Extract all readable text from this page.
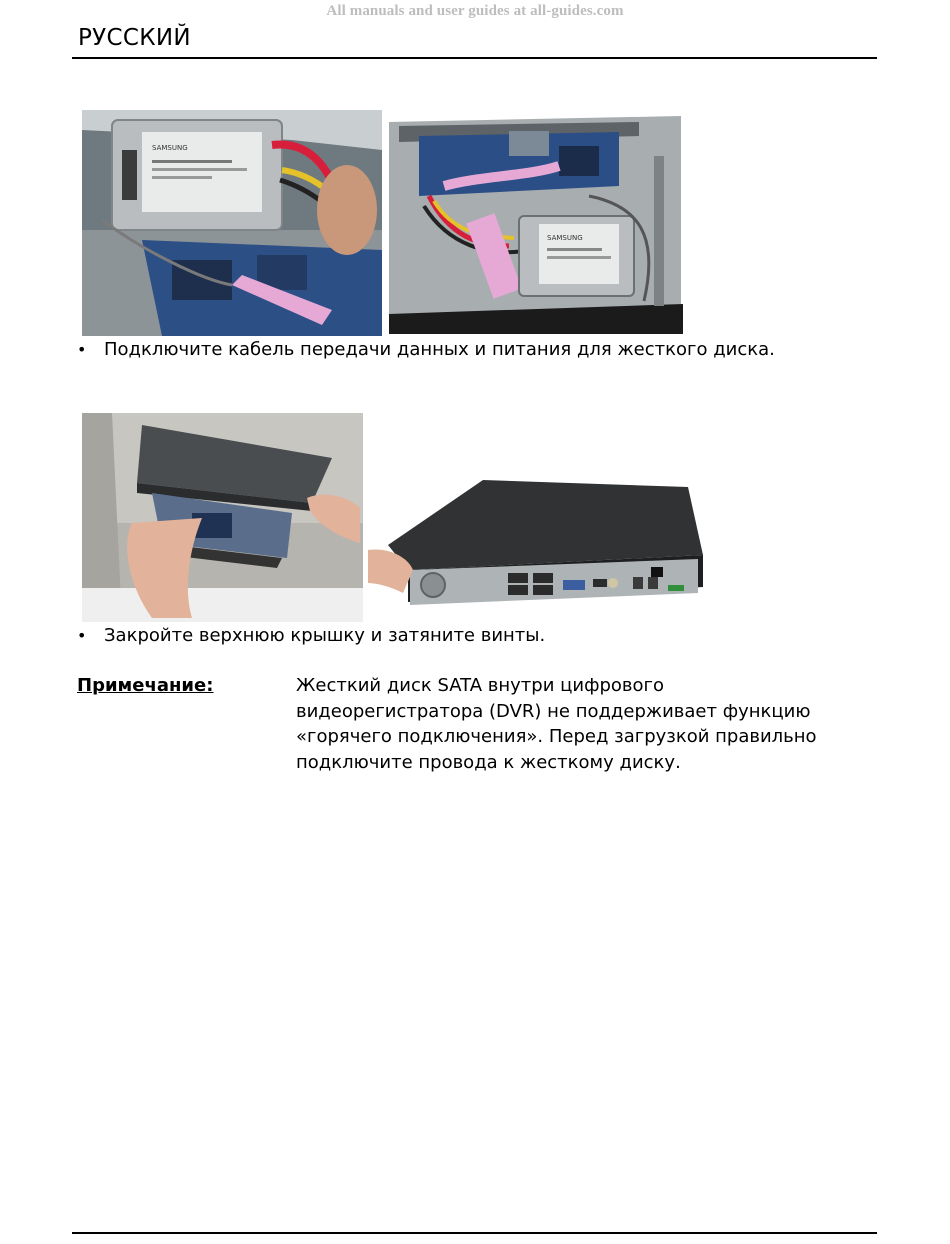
All manuals and user guides at all-guides.com
РУССКИЙ
SAMSUNG
SAMSUNG
• Подключите кабель передачи данных и питания для жесткого диска.
• Закройте верхнюю крышку и затяните винты.
Примечание:	Жесткий диск SATA внутри цифрового
видеорегистратора (DVR) не поддерживает функцию
«горячего подключения». Перед загрузкой правильно
подключите провода к жесткому диску.
